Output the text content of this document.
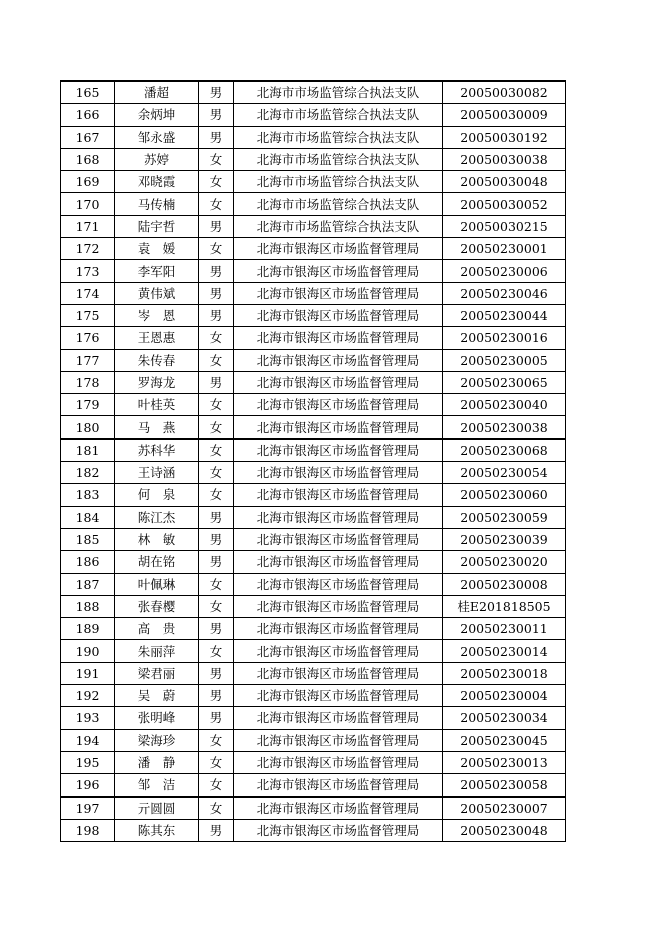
165	潘超	男	北海市市场监管综合执法支队	20050030082
166	余炳坤	男	北海市市场监管综合执法支队	20050030009
167	邹永盛	男	北海市市场监管综合执法支队	20050030192
168	苏婷	女	北海市市场监管综合执法支队	20050030038
169	邓晓霞	女	北海市市场监管综合执法支队	20050030048
170	马传楠	女	北海市市场监管综合执法支队	20050030052
171	陆宇哲	男	北海市市场监管综合执法支队	20050030215
172	袁　媛	女	北海市银海区市场监督管理局	20050230001
173	李军阳	男	北海市银海区市场监督管理局	20050230006
174	黄伟斌	男	北海市银海区市场监督管理局	20050230046
175	岑　恩	男	北海市银海区市场监督管理局	20050230044
176	王恩惠	女	北海市银海区市场监督管理局	20050230016
177	朱传春	女	北海市银海区市场监督管理局	20050230005
178	罗海龙	男	北海市银海区市场监督管理局	20050230065
179	叶桂英	女	北海市银海区市场监督管理局	20050230040
180	马　燕	女	北海市银海区市场监督管理局	20050230038
181	苏科华	女	北海市银海区市场监督管理局	20050230068
182	王诗涵	女	北海市银海区市场监督管理局	20050230054
183	何　泉	女	北海市银海区市场监督管理局	20050230060
184	陈江杰	男	北海市银海区市场监督管理局	20050230059
185	林　敏	男	北海市银海区市场监督管理局	20050230039
186	胡在铭	男	北海市银海区市场监督管理局	20050230020
187	叶佩琳	女	北海市银海区市场监督管理局	20050230008
188	张春樱	女	北海市银海区市场监督管理局	桂E201818505
189	高　贵	男	北海市银海区市场监督管理局	20050230011
190	朱丽萍	女	北海市银海区市场监督管理局	20050230014
191	梁君丽	男	北海市银海区市场监督管理局	20050230018
192	吴　蔚	男	北海市银海区市场监督管理局	20050230004
193	张明峰	男	北海市银海区市场监督管理局	20050230034
194	梁海珍	女	北海市银海区市场监督管理局	20050230045
195	潘　静	女	北海市银海区市场监督管理局	20050230013
196	邹　洁	女	北海市银海区市场监督管理局	20050230058
197	亓圆圆	女	北海市银海区市场监督管理局	20050230007
198	陈其东	男	北海市银海区市场监督管理局	20050230048
